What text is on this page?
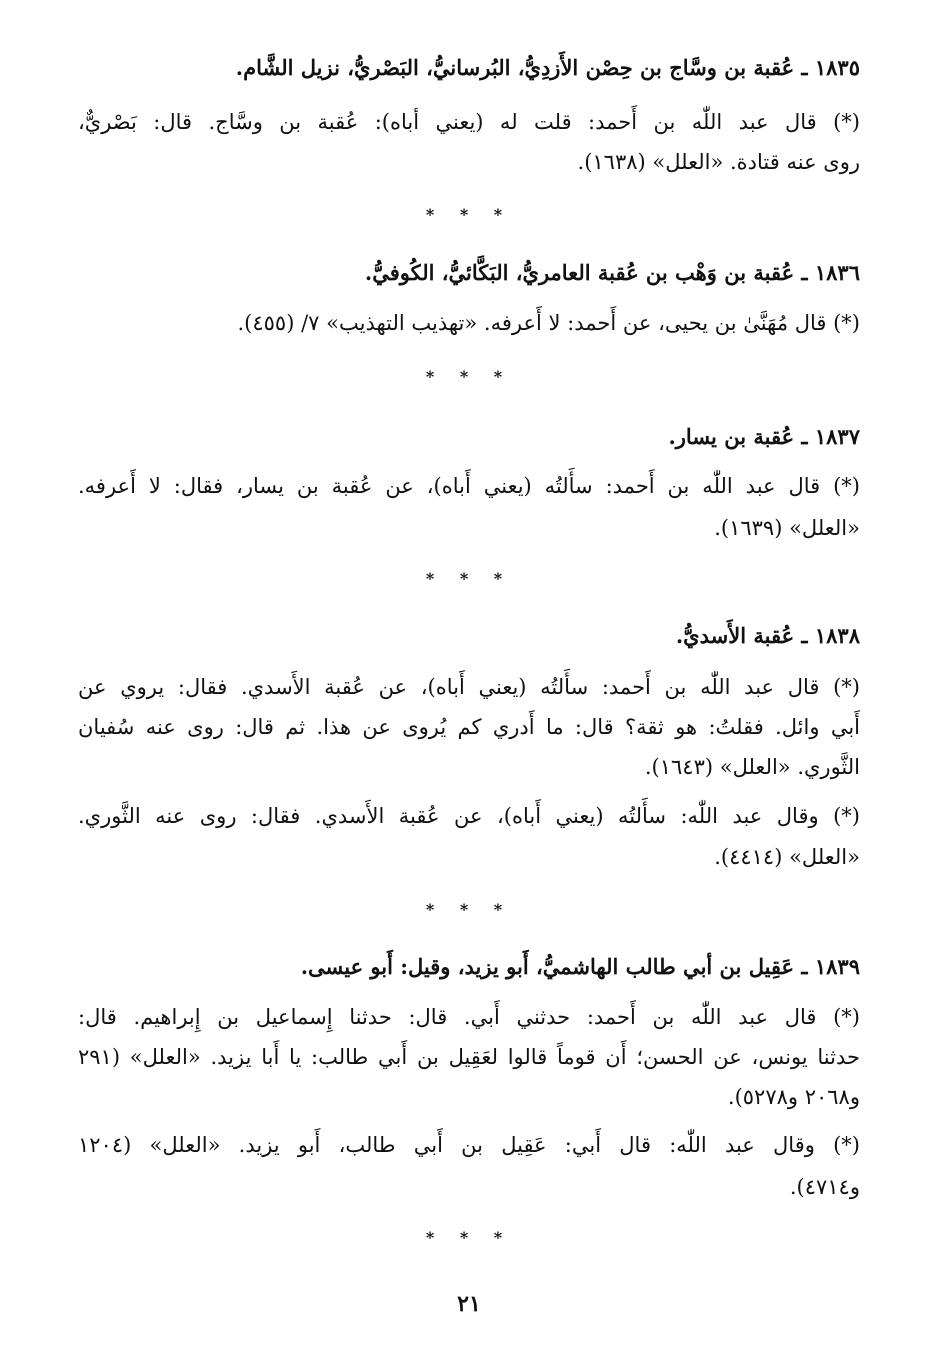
١٨٣٥ ـ عُقبة بن وسَّاج بن حِصْن الأَزدِيُّ، البُرسانيُّ، البَصْريُّ، نزيل الشَّام.
(*) قال عبد اللّٰه بن أَحمد: قلت له (يعني أباه): عُقبة بن وسَّاج. قال: بَصْريٌّ،
روى عنه قتادة. «العلل» (١٦٣٨).
* * *
١٨٣٦ ـ عُقبة بن وَهْب بن عُقبة العامريُّ، البَكَّائيُّ، الكُوفيُّ.
(*) قال مُهَنَّىٰ بن يحيى، عن أَحمد: لا أَعرفه. «تهذيب التهذيب» ٧/ (٤٥٥).
* * *
١٨٣٧ ـ عُقبة بن يسار.
(*) قال عبد اللّٰه بن أَحمد: سأَلتُه (يعني أَباه)، عن عُقبة بن يسار، فقال: لا أَعرفه.
«العلل» (١٦٣٩).
* * *
١٨٣٨ ـ عُقبة الأَسديُّ.
(*) قال عبد اللّٰه بن أَحمد: سأَلتُه (يعني أَباه)، عن عُقبة الأَسدي. فقال: يروي عن
أَبي وائل. فقلتُ: هو ثقة؟ قال: ما أَدري كم يُروى عن هذا. ثم قال: روى عنه سُفيان
الثَّوري. «العلل» (١٦٤٣).
(*) وقال عبد اللّٰه: سأَلتُه (يعني أَباه)، عن عُقبة الأَسدي. فقال: روى عنه الثَّوري.
«العلل» (٤٤١٤).
* * *
١٨٣٩ ـ عَقِيل بن أبي طالب الهاشميُّ، أَبو يزيد، وقيل: أَبو عيسى.
(*) قال عبد اللّٰه بن أَحمد: حدثني أَبي. قال: حدثنا إِسماعيل بن إِبراهيم. قال:
حدثنا يونس، عن الحسن؛ أَن قوماً قالوا لعَقِيل بن أَبي طالب: يا أَبا يزيد. «العلل» (٢٩١
و٢٠٦٨ و٥٢٧٨).
(*) وقال عبد اللّٰه: قال أَبي: عَقِيل بن أَبي طالب، أَبو يزيد. «العلل» (١٢٠٤
و٤٧١٤).
* * *
٢١
